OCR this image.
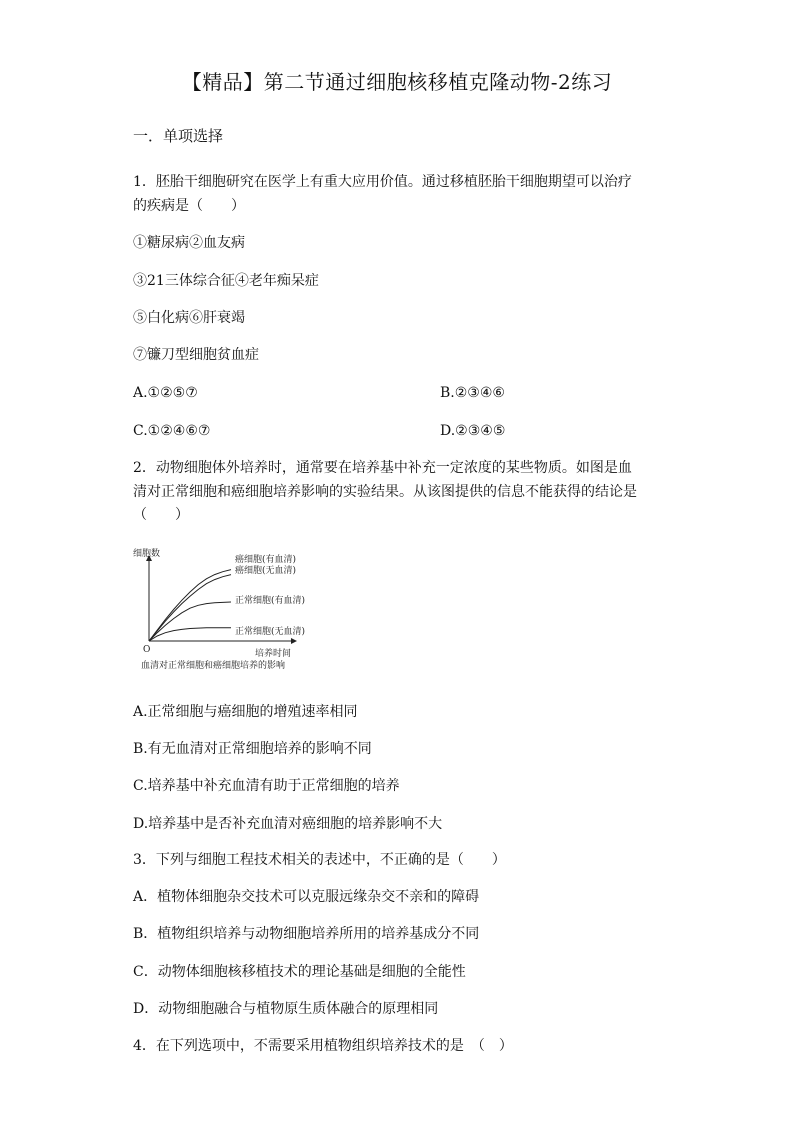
【精品】第二节通过细胞核移植克隆动物-2练习
一．单项选择
1．胚胎干细胞研究在医学上有重大应用价值。通过移植胚胎干细胞期望可以治疗
的疾病是（　　）
①糖尿病②血友病
③21三体综合征④老年痴呆症
⑤白化病⑥肝衰竭
⑦镰刀型细胞贫血症
A.①②⑤⑦	B.②③④⑥
C.①②④⑥⑦	D.②③④⑤
2．动物细胞体外培养时，通常要在培养基中补充一定浓度的某些物质。如图是血
清对正常细胞和癌细胞培养影响的实验结果。从该图提供的信息不能获得的结论是
（　　）
细胞数
O	培养时间
血清对正常细胞和癌细胞培养的影响
癌细胞(有血清)
癌细胞(无血清)
正常细胞(有血清)
正常细胞(无血清)
A.正常细胞与癌细胞的增殖速率相同
B.有无血清对正常细胞培养的影响不同
C.培养基中补充血清有助于正常细胞的培养
D.培养基中是否补充血清对癌细胞的培养影响不大
3．下列与细胞工程技术相关的表述中，不正确的是（　　）
A．植物体细胞杂交技术可以克服远缘杂交不亲和的障碍
B．植物组织培养与动物细胞培养所用的培养基成分不同
C．动物体细胞核移植技术的理论基础是细胞的全能性
D．动物细胞融合与植物原生质体融合的原理相同
4．在下列选项中，不需要采用植物组织培养技术的是　（　）
